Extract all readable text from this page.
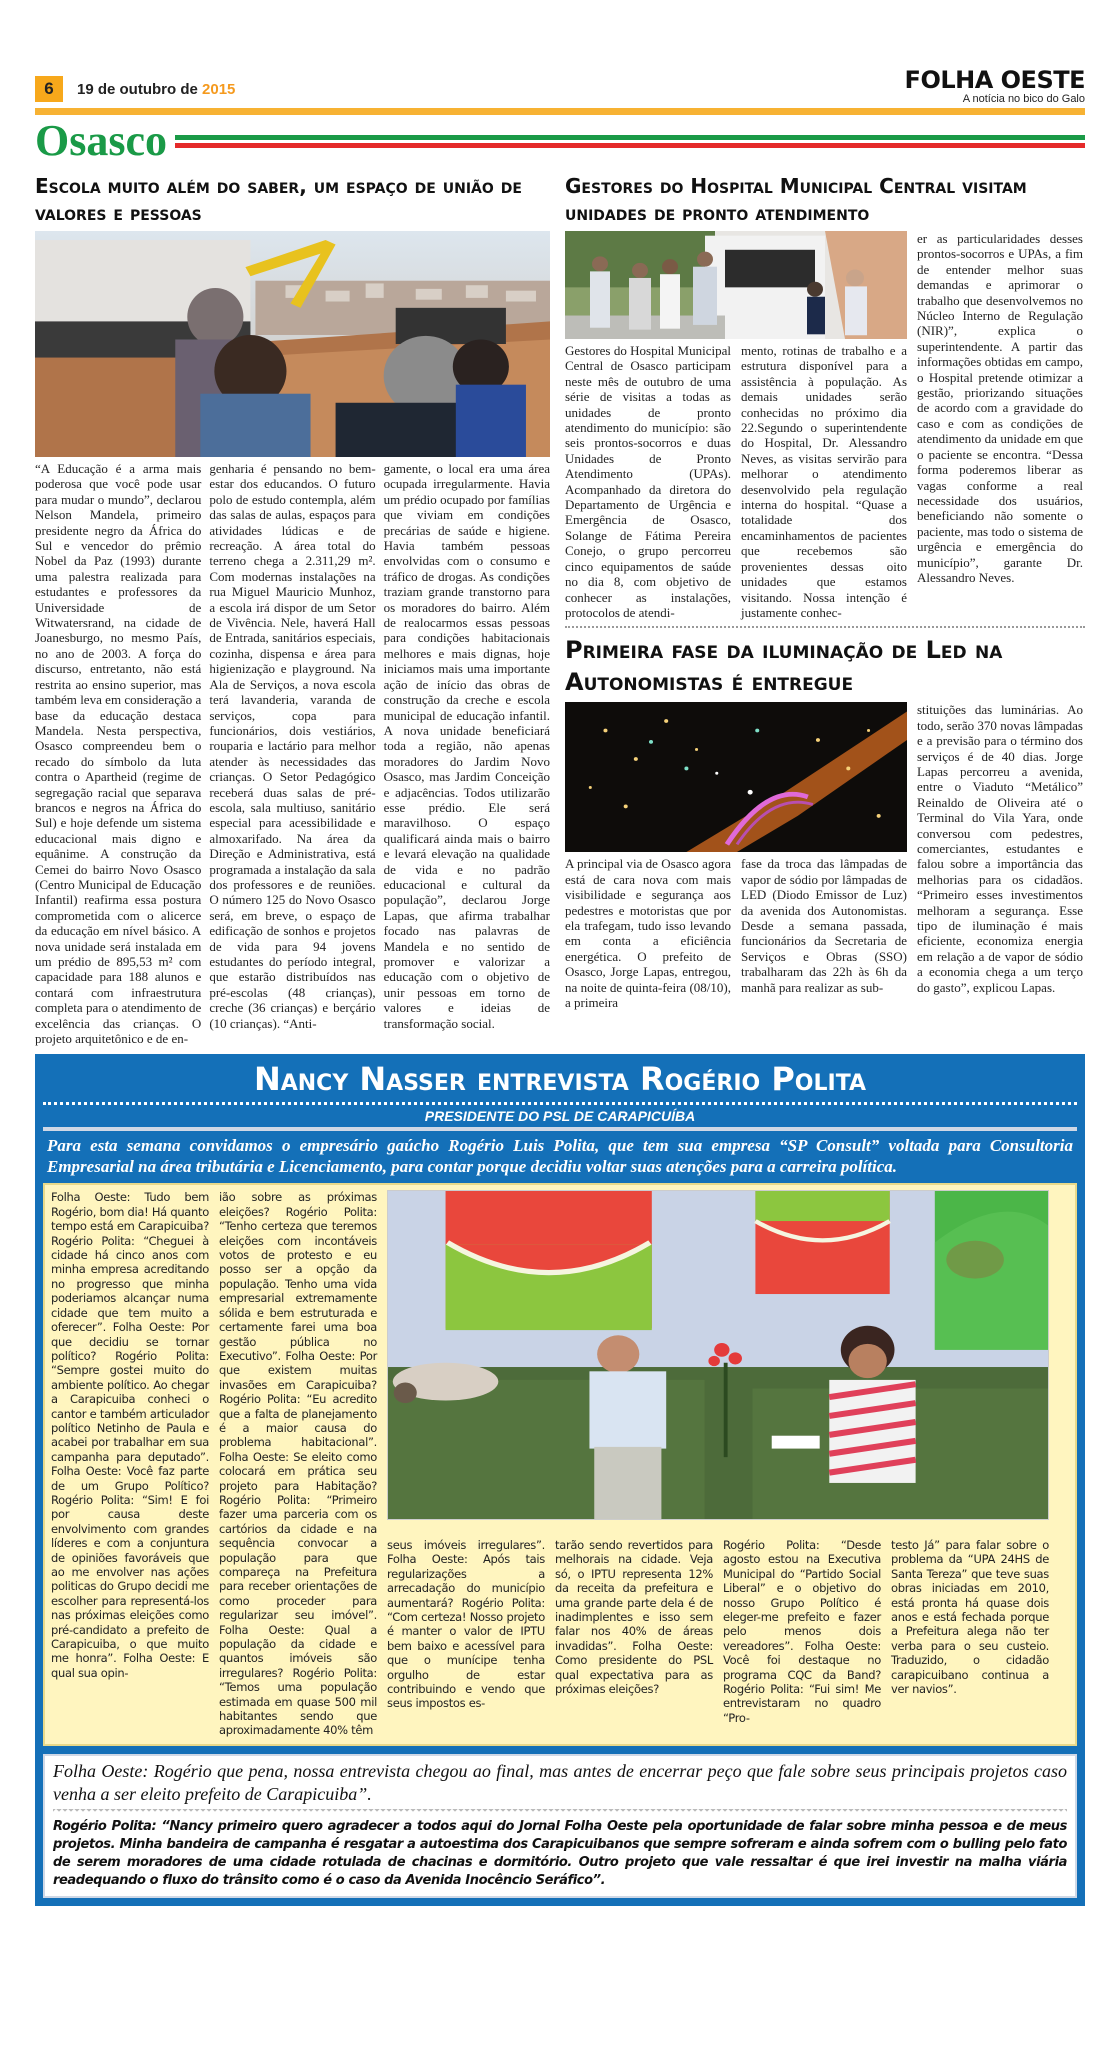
6	19 de outubro de 2015	FOLHA OESTE
A notícia no bico do Galo
Osasco
Escola muito além do saber, um espaço de união de valores e pessoas
“A Educação é a arma mais poderosa que você pode usar para mudar o mundo”, declarou Nelson Mandela, primeiro presidente negro da África do Sul e vencedor do prêmio Nobel da Paz (1993) durante uma palestra realizada para estudantes e professores da Universidade de Witwatersrand, na cidade de Joanesburgo, no mesmo País, no ano de 2003. A força do discurso, entretanto, não está restrita ao ensino superior, mas também leva em consideração a base da educação destaca Mandela. Nesta perspectiva, Osasco compreendeu bem o recado do símbolo da luta contra o Apartheid (regime de segregação racial que separava brancos e negros na África do Sul) e hoje defende um sistema educacional mais digno e equânime. A construção da Cemei do bairro Novo Osasco (Centro Municipal de Educação Infantil) reafirma essa postura comprometida com o alicerce da educação em nível básico. A nova unidade será instalada em um prédio de 895,53 m² com capacidade para 188 alunos e contará com infraestrutura completa para o atendimento de excelência das crianças. O projeto arquitetônico e de en-
genharia é pensando no bem-estar dos educandos. O futuro polo de estudo contempla, além das salas de aulas, espaços para atividades lúdicas e de recreação. A área total do terreno chega a 2.311,29 m². Com modernas instalações na rua Miguel Mauricio Munhoz, a escola irá dispor de um Setor de Vivência. Nele, haverá Hall de Entrada, sanitários especiais, cozinha, dispensa e área para higienização e playground. Na Ala de Serviços, a nova escola terá lavanderia, varanda de serviços, copa para funcionários, dois vestiários, rouparia e lactário para melhor atender às necessidades das crianças. O Setor Pedagógico receberá duas salas de pré-escola, sala multiuso, sanitário especial para acessibilidade e almoxarifado. Na área da Direção e Administrativa, está programada a instalação da sala dos professores e de reuniões. O número 125 do Novo Osasco será, em breve, o espaço de edificação de sonhos e projetos de vida para 94 jovens estudantes do período integral, que estarão distribuídos nas pré-escolas (48 crianças), creche (36 crianças) e berçário (10 crianças). “Anti-
gamente, o local era uma área ocupada irregularmente. Havia um prédio ocupado por famílias que viviam em condições precárias de saúde e higiene. Havia também pessoas envolvidas com o consumo e tráfico de drogas. As condições traziam grande transtorno para os moradores do bairro. Além de realocarmos essas pessoas para condições habitacionais melhores e mais dignas, hoje iniciamos mais uma importante ação de início das obras de construção da creche e escola municipal de educação infantil. A nova unidade beneficiará toda a região, não apenas moradores do Jardim Novo Osasco, mas Jardim Conceição e adjacências. Todos utilizarão esse prédio. Ele será maravilhoso. O espaço qualificará ainda mais o bairro e levará elevação na qualidade de vida e no padrão educacional e cultural da população”, declarou Jorge Lapas, que afirma trabalhar focado nas palavras de Mandela e no sentido de promover e valorizar a educação com o objetivo de unir pessoas em torno de valores e ideias de transformação social.
Gestores do Hospital Municipal Central visitam unidades de pronto atendimento
er as particularidades desses prontos-socorros e UPAs, a fim de entender melhor suas demandas e aprimorar o trabalho que desenvolvemos no Núcleo Interno de Regulação (NIR)”, explica o superintendente. A partir das informações obtidas em campo, o Hospital pretende otimizar a gestão, priorizando situações de acordo com a gravidade do caso e com as condições de atendimento da unidade em que o paciente se encontra. “Dessa forma poderemos liberar as vagas conforme a real necessidade dos usuários, beneficiando não somente o paciente, mas todo o sistema de urgência e emergência do município”, garante Dr. Alessandro Neves.
Gestores do Hospital Municipal Central de Osasco participam neste mês de outubro de uma série de visitas a todas as unidades de pronto atendimento do município: são seis prontos-socorros e duas Unidades de Pronto Atendimento (UPAs). Acompanhado da diretora do Departamento de Urgência e Emergência de Osasco, Solange de Fátima Pereira Conejo, o grupo percorreu cinco equipamentos de saúde no dia 8, com objetivo de conhecer as instalações, protocolos de atendi-
mento, rotinas de trabalho e a estrutura disponível para a assistência à população. As demais unidades serão conhecidas no próximo dia 22.Segundo o superintendente do Hospital, Dr. Alessandro Neves, as visitas servirão para melhorar o atendimento desenvolvido pela regulação interna do hospital. “Quase a totalidade dos encaminhamentos de pacientes que recebemos são provenientes dessas oito unidades que estamos visitando. Nossa intenção é justamente conhec-
Primeira fase da iluminação de Led na Autonomistas é entregue
stituições das luminárias. Ao todo, serão 370 novas lâmpadas e a previsão para o término dos serviços é de 40 dias. Jorge Lapas percorreu a avenida, entre o Viaduto “Metálico” Reinaldo de Oliveira até o Terminal do Vila Yara, onde conversou com pedestres, comerciantes, estudantes e falou sobre a importância das melhorias para os cidadãos. “Primeiro esses investimentos melhoram a segurança. Esse tipo de iluminação é mais eficiente, economiza energia em relação a de vapor de sódio a economia chega a um terço do gasto”, explicou Lapas.
A principal via de Osasco agora está de cara nova com mais visibilidade e segurança aos pedestres e motoristas que por ela trafegam, tudo isso levando em conta a eficiência energética. O prefeito de Osasco, Jorge Lapas, entregou, na noite de quinta-feira (08/10), a primeira
fase da troca das lâmpadas de vapor de sódio por lâmpadas de LED (Diodo Emissor de Luz) da avenida dos Autonomistas. Desde a semana passada, funcionários da Secretaria de Serviços e Obras (SSO) trabalharam das 22h às 6h da manhã para realizar as sub-
Nancy Nasser entrevista Rogério Polita
PRESIDENTE DO PSL DE CARAPICUÍBA
Para esta semana convidamos o empresário gaúcho Rogério Luis Polita, que tem sua empresa “SP Consult” voltada para Consultoria Empresarial na área tributária e Licenciamento, para contar porque decidiu voltar suas atenções para a carreira política.
Folha Oeste: Tudo bem Rogério, bom dia! Há quanto tempo está em Carapicuiba? Rogério Polita: “Cheguei à cidade há cinco anos com minha empresa acreditando no progresso que minha poderiamos alcançar numa cidade que tem muito a oferecer”. Folha Oeste: Por que decidiu se tornar político? Rogério Polita: “Sempre gostei muito do ambiente político. Ao chegar a Carapicuiba conheci o cantor e também articulador político Netinho de Paula e acabei por trabalhar em sua campanha para deputado”. Folha Oeste: Você faz parte de um Grupo Político? Rogério Polita: “Sim! E foi por causa deste envolvimento com grandes líderes e com a conjuntura de opiniões favoráveis que ao me envolver nas ações politicas do Grupo decidi me escolher para representá-los nas próximas eleições como pré-candidato a prefeito de Carapicuiba, o que muito me honra”. Folha Oeste: E qual sua opin-
ião sobre as próximas eleições? Rogério Polita: “Tenho certeza que teremos eleições com incontáveis votos de protesto e eu posso ser a opção da população. Tenho uma vida empresarial extremamente sólida e bem estruturada e certamente farei uma boa gestão pública no Executivo”. Folha Oeste: Por que existem muitas invasões em Carapicuiba? Rogério Polita: “Eu acredito que a falta de planejamento é a maior causa do problema habitacional”. Folha Oeste: Se eleito como colocará em prática seu projeto para Habitação? Rogério Polita: “Primeiro fazer uma parceria com os cartórios da cidade e na sequência convocar a população para que compareça na Prefeitura para receber orientações de como proceder para regularizar seu imóvel”. Folha Oeste: Qual a população da cidade e quantos imóveis são irregulares? Rogério Polita: “Temos uma população estimada em quase 500 mil habitantes sendo que aproximadamente 40% têm
seus imóveis irregulares”. Folha Oeste: Após tais regularizações a arrecadação do município aumentará? Rogério Polita: “Com certeza! Nosso projeto é manter o valor de IPTU bem baixo e acessível para que o munícipe tenha orgulho de estar contribuindo e vendo que seus impostos es-
tarão sendo revertidos para melhorais na cidade. Veja só, o IPTU representa 12% da receita da prefeitura e uma grande parte dela é de inadimplentes e isso sem falar nos 40% de áreas invadidas”. Folha Oeste: Como presidente do PSL qual expectativa para as próximas eleições?
Rogério Polita: “Desde agosto estou na Executiva Municipal do “Partido Social Liberal” e o objetivo do nosso Grupo Político é eleger-me prefeito e fazer pelo menos dois vereadores”. Folha Oeste: Você foi destaque no programa CQC da Band? Rogério Polita: “Fui sim! Me entrevistaram no quadro “Pro-
testo Já” para falar sobre o problema da “UPA 24HS de Santa Tereza” que teve suas obras iniciadas em 2010, está pronta há quase dois anos e está fechada porque a Prefeitura alega não ter verba para o seu custeio. Traduzido, o cidadão carapicuibano continua a ver navios”.
Folha Oeste: Rogério que pena, nossa entrevista chegou ao final, mas antes de encerrar peço que fale sobre seus principais projetos caso venha a ser eleito prefeito de Carapicuiba”.
Rogério Polita: “Nancy primeiro quero agradecer a todos aqui do Jornal Folha Oeste pela oportunidade de falar sobre minha pessoa e de meus projetos. Minha bandeira de campanha é resgatar a autoestima dos Carapicuibanos que sempre sofreram e ainda sofrem com o bulling pelo fato de serem moradores de uma cidade rotulada de chacinas e dormitório. Outro projeto que vale ressaltar é que irei investir na malha viária readequando o fluxo do trânsito como é o caso da Avenida Inocêncio Seráfico”.
